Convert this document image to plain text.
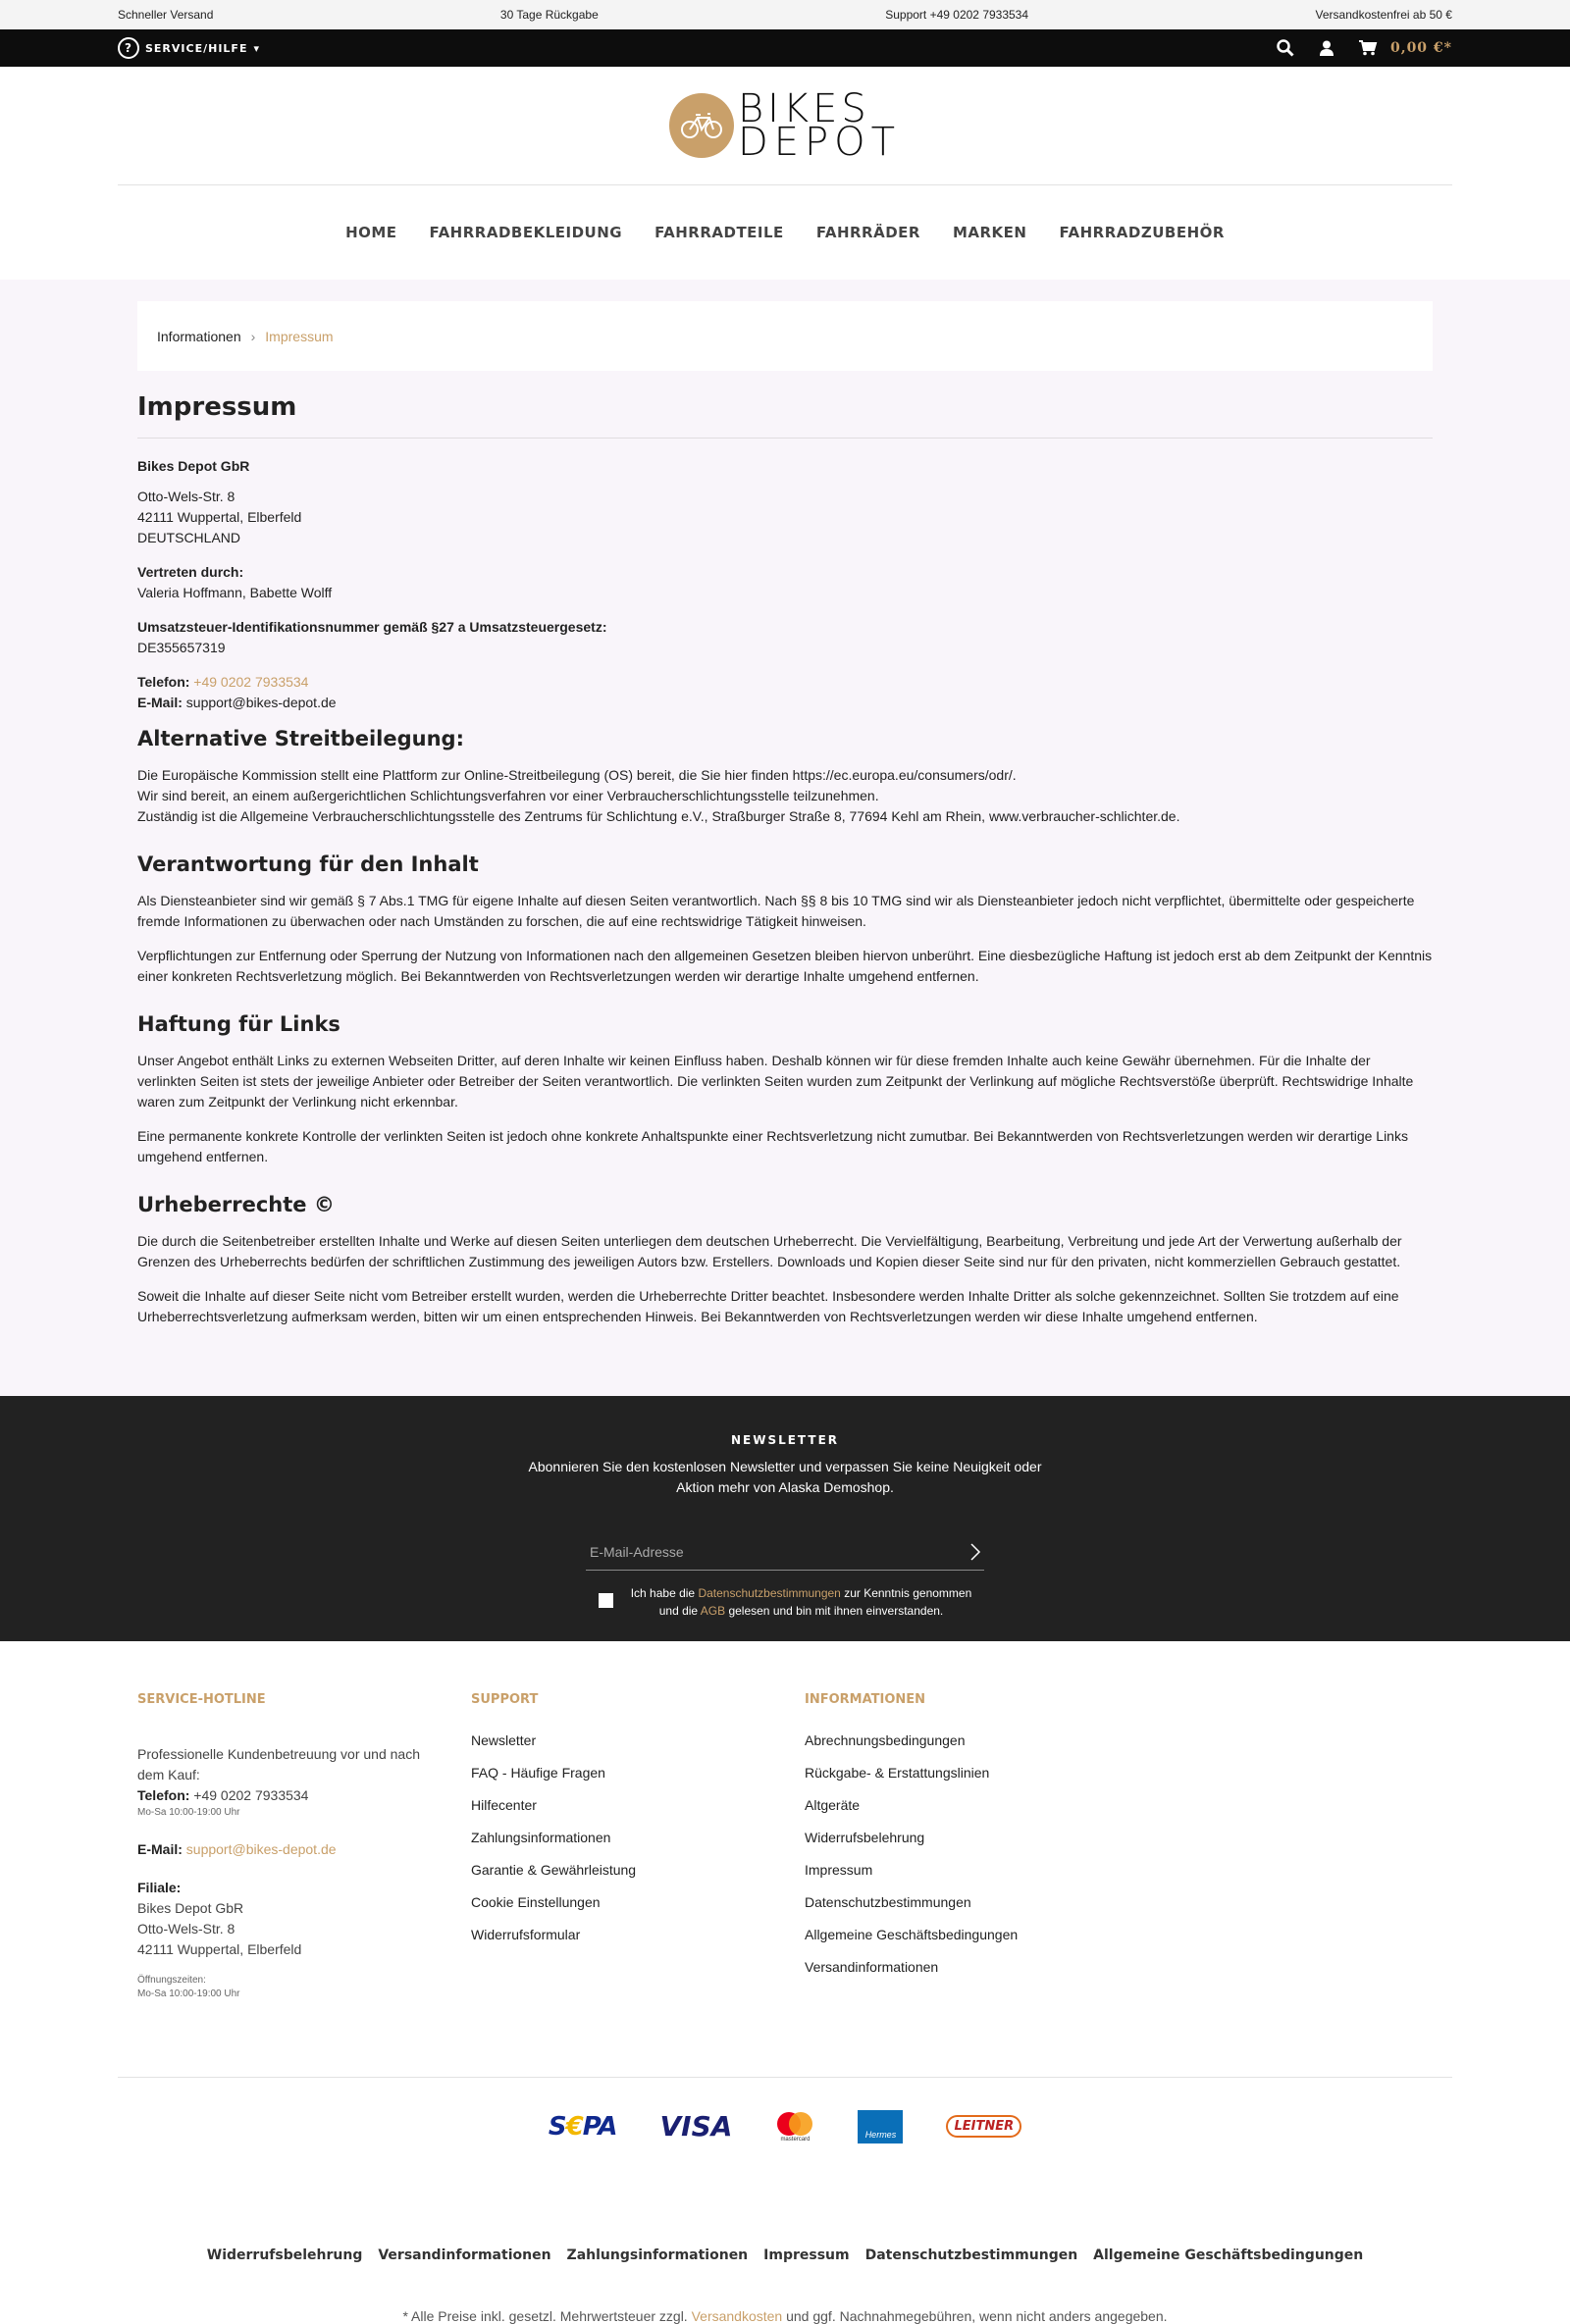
Schneller Versand	30 Tage Rückgabe	Support +49 0202 7933534	Versandkostenfrei ab 50 €
?	SERVICE/HILFE ▾	0,00 €*
BIKES
DEPOT
HOME FAHRRADBEKLEIDUNG FAHRRADTEILE FAHRRÄDER MARKEN FAHRRADZUBEHÖR
Informationen › Impressum
Impressum
Bikes Depot GbR

Otto-Wels-Str. 8
42111 Wuppertal, Elberfeld
DEUTSCHLAND

Vertreten durch:
Valeria Hoffmann, Babette Wolff

Umsatzsteuer-Identifikationsnummer gemäß §27 a Umsatzsteuergesetz:
DE355657319

Telefon: +49 0202 7933534
E-Mail: support@bikes-depot.de

Alternative Streitbeilegung:

Die Europäische Kommission stellt eine Plattform zur Online-Streitbeilegung (OS) bereit, die Sie hier finden https://ec.europa.eu/consumers/odr/.
Wir sind bereit, an einem außergerichtlichen Schlichtungsverfahren vor einer Verbraucherschlichtungsstelle teilzunehmen.
Zuständig ist die Allgemeine Verbraucherschlichtungsstelle des Zentrums für Schlichtung e.V., Straßburger Straße 8, 77694 Kehl am Rhein, www.verbraucher-schlichter.de.

Verantwortung für den Inhalt

Als Diensteanbieter sind wir gemäß § 7 Abs.1 TMG für eigene Inhalte auf diesen Seiten verantwortlich. Nach §§ 8 bis 10 TMG sind wir als Diensteanbieter jedoch nicht verpflichtet, übermittelte oder gespeicherte fremde Informationen zu überwachen oder nach Umständen zu forschen, die auf eine rechtswidrige Tätigkeit hinweisen.

Verpflichtungen zur Entfernung oder Sperrung der Nutzung von Informationen nach den allgemeinen Gesetzen bleiben hiervon unberührt. Eine diesbezügliche Haftung ist jedoch erst ab dem Zeitpunkt der Kenntnis einer konkreten Rechtsverletzung möglich. Bei Bekanntwerden von Rechtsverletzungen werden wir derartige Inhalte umgehend entfernen.

Haftung für Links

Unser Angebot enthält Links zu externen Webseiten Dritter, auf deren Inhalte wir keinen Einfluss haben. Deshalb können wir für diese fremden Inhalte auch keine Gewähr übernehmen. Für die Inhalte der verlinkten Seiten ist stets der jeweilige Anbieter oder Betreiber der Seiten verantwortlich. Die verlinkten Seiten wurden zum Zeitpunkt der Verlinkung auf mögliche Rechtsverstöße überprüft. Rechtswidrige Inhalte waren zum Zeitpunkt der Verlinkung nicht erkennbar.

Eine permanente konkrete Kontrolle der verlinkten Seiten ist jedoch ohne konkrete Anhaltspunkte einer Rechtsverletzung nicht zumutbar. Bei Bekanntwerden von Rechtsverletzungen werden wir derartige Links umgehend entfernen.

Urheberrechte ©

Die durch die Seitenbetreiber erstellten Inhalte und Werke auf diesen Seiten unterliegen dem deutschen Urheberrecht. Die Vervielfältigung, Bearbeitung, Verbreitung und jede Art der Verwertung außerhalb der Grenzen des Urheberrechts bedürfen der schriftlichen Zustimmung des jeweiligen Autors bzw. Erstellers. Downloads und Kopien dieser Seite sind nur für den privaten, nicht kommerziellen Gebrauch gestattet.

Soweit die Inhalte auf dieser Seite nicht vom Betreiber erstellt wurden, werden die Urheberrechte Dritter beachtet. Insbesondere werden Inhalte Dritter als solche gekennzeichnet. Sollten Sie trotzdem auf eine Urheberrechtsverletzung aufmerksam werden, bitten wir um einen entsprechenden Hinweis. Bei Bekanntwerden von Rechtsverletzungen werden wir diese Inhalte umgehend entfernen.

NEWSLETTER
Abonnieren Sie den kostenlosen Newsletter und verpassen Sie keine Neuigkeit oder Aktion mehr von Alaska Demoshop.
E-Mail-Adresse
Ich habe die Datenschutzbestimmungen zur Kenntnis genommen
und die AGB gelesen und bin mit ihnen einverstanden.
SERVICE-HOTLINE
Professionelle Kundenbetreuung vor und nach dem Kauf:
Telefon: +49 0202 7933534
Mo-Sa 10:00-19:00 Uhr
E-Mail: support@bikes-depot.de
Filiale:
Bikes Depot GbR
Otto-Wels-Str. 8
42111 Wuppertal, Elberfeld
Öffnungszeiten:
Mo-Sa 10:00-19:00 Uhr
SUPPORT
Newsletter
FAQ - Häufige Fragen
Hilfecenter
Zahlungsinformationen
Garantie & Gewährleistung
Cookie Einstellungen
Widerrufsformular
INFORMATIONEN
Abrechnungsbedingungen
Rückgabe- & Erstattungslinien
Altgeräte
Widerrufsbelehrung
Impressum
Datenschutzbestimmungen
Allgemeine Geschäftsbedingungen
Versandinformationen
S€PA VISA	mastercard	Hermes
LEITNER
Widerrufsbelehrung Versandinformationen Zahlungsinformationen Impressum Datenschutzbestimmungen Allgemeine Geschäftsbedingungen
* Alle Preise inkl. gesetzl. Mehrwertsteuer zzgl. Versandkosten und ggf. Nachnahmegebühren, wenn nicht anders angegeben.
